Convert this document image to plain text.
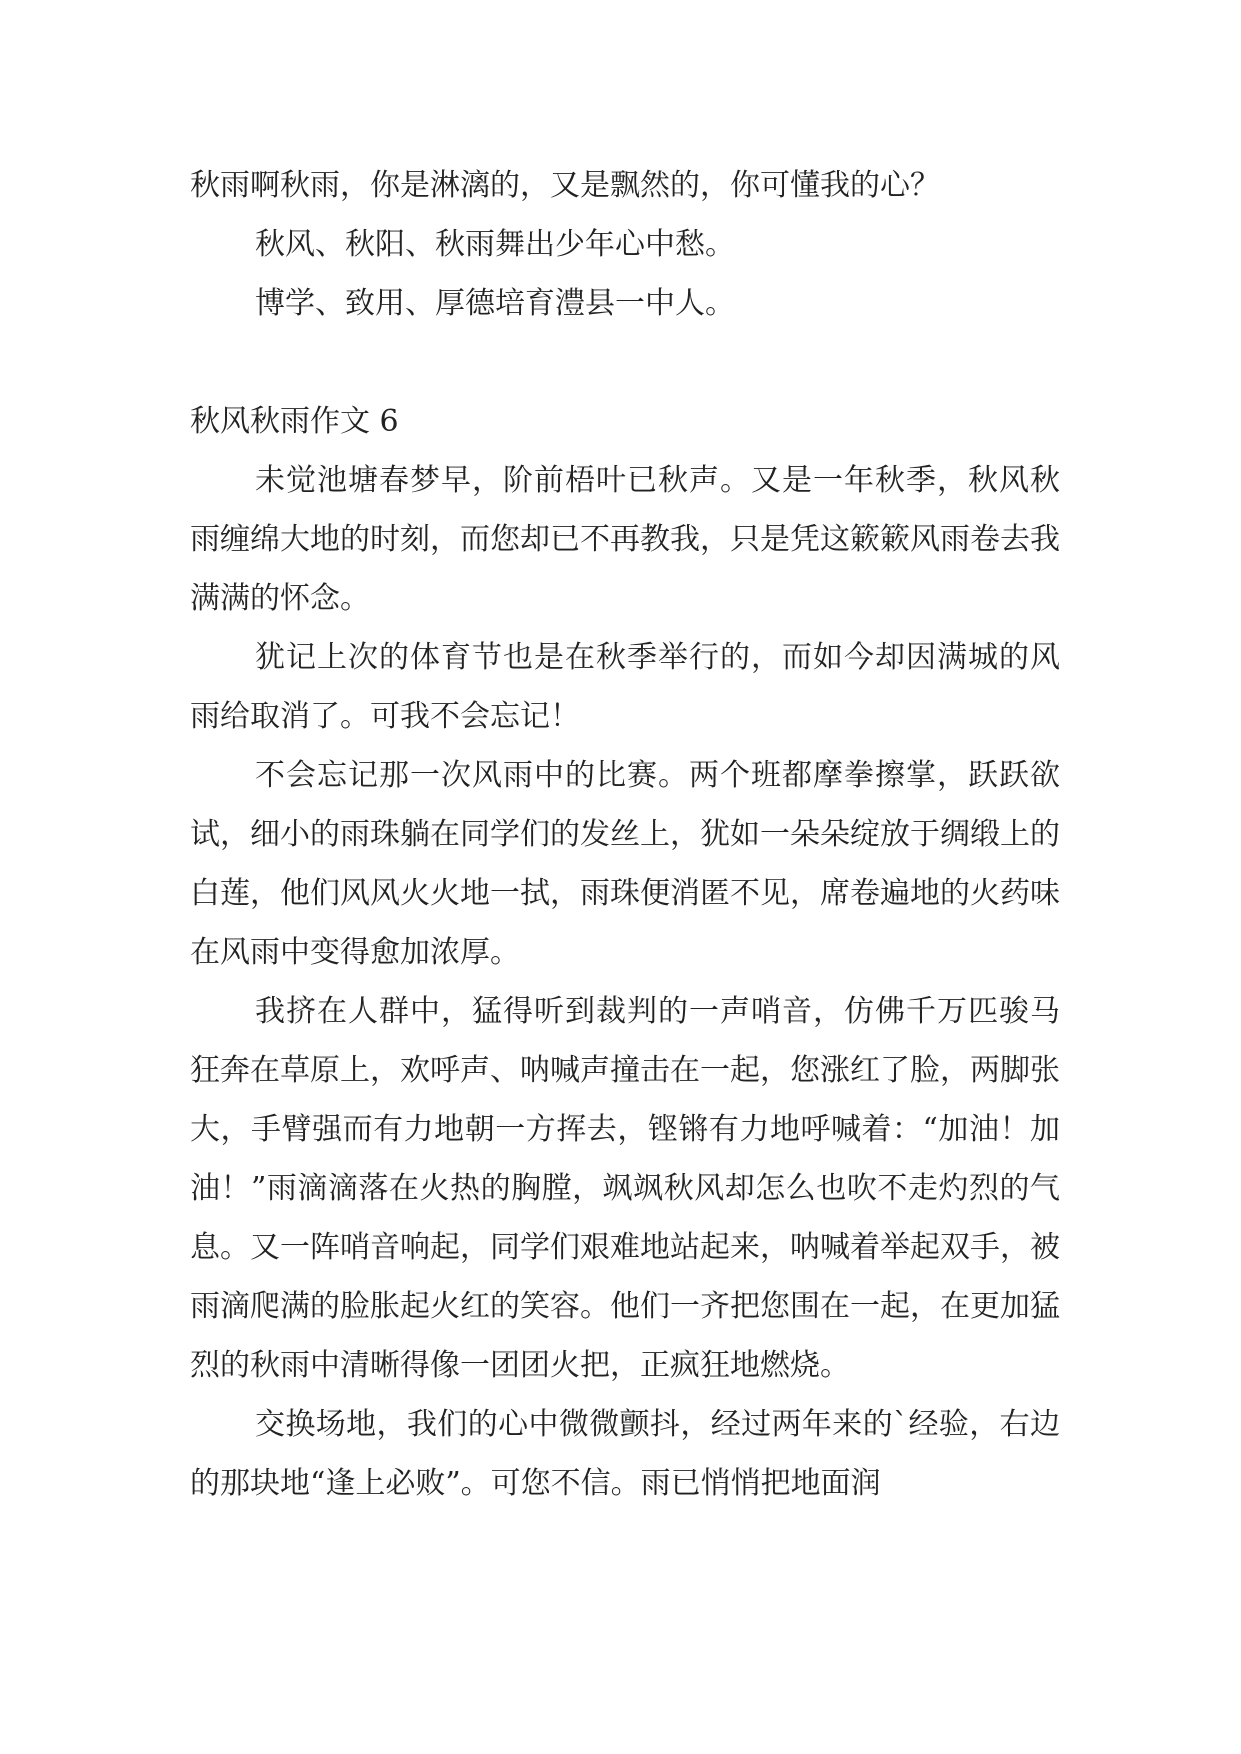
秋雨啊秋雨，你是淋漓的，又是飘然的，你可懂我的心？

秋风、秋阳、秋雨舞出少年心中愁。

博学、致用、厚德培育澧县一中人。

秋风秋雨作文 6

未觉池塘春梦早，阶前梧叶已秋声。又是一年秋季，秋风秋雨缠绵大地的时刻，而您却已不再教我，只是凭这簌簌风雨卷去我满满的怀念。

犹记上次的体育节也是在秋季举行的，而如今却因满城的风雨给取消了。可我不会忘记！

不会忘记那一次风雨中的比赛。两个班都摩拳擦掌，跃跃欲试，细小的雨珠躺在同学们的发丝上，犹如一朵朵绽放于绸缎上的白莲，他们风风火火地一拭，雨珠便消匿不见，席卷遍地的火药味在风雨中变得愈加浓厚。

我挤在人群中，猛得听到裁判的一声哨音，仿佛千万匹骏马狂奔在草原上，欢呼声、呐喊声撞击在一起，您涨红了脸，两脚张大，手臂强而有力地朝一方挥去，铿锵有力地呼喊着：“加油！加油！”雨滴滴落在火热的胸膛，飒飒秋风却怎么也吹不走灼烈的气息。又一阵哨音响起，同学们艰难地站起来，呐喊着举起双手，被雨滴爬满的脸胀起火红的笑容。他们一齐把您围在一起，在更加猛烈的秋雨中清晰得像一团团火把，正疯狂地燃烧。

交换场地，我们的心中微微颤抖，经过两年来的`经验，右边的那块地“逢上必败”。可您不信。雨已悄悄把地面润
